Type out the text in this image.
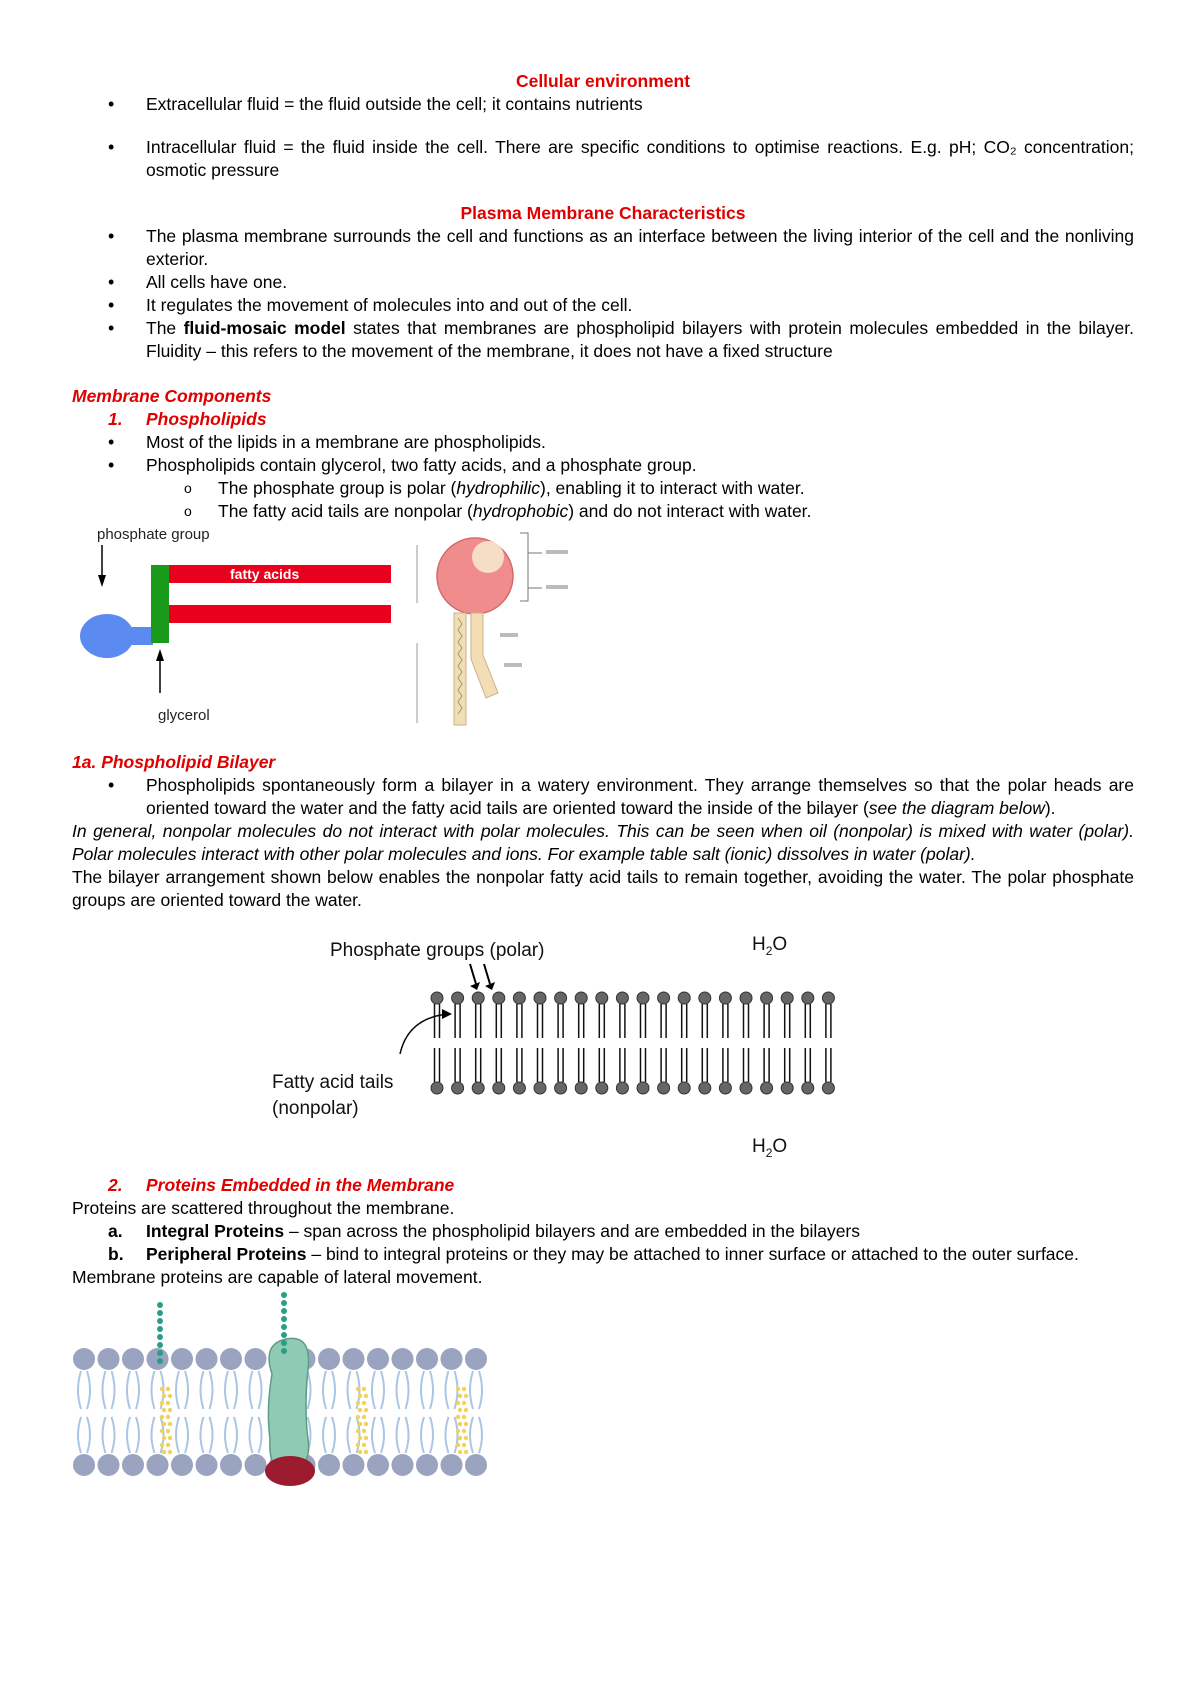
Cellular environment

• Extracellular fluid = the fluid outside the cell; it contains nutrients
• Intracellular fluid = the fluid inside the cell. There are specific conditions to optimise reactions. E.g. pH; CO₂ concentration; osmotic pressure

Plasma Membrane Characteristics

• The plasma membrane surrounds the cell and functions as an interface between the living interior of the cell and the nonliving exterior.
• All cells have one.
• It regulates the movement of molecules into and out of the cell.
• The fluid-mosaic model states that membranes are phospholipid bilayers with protein molecules embedded in the bilayer. Fluidity – this refers to the movement of the membrane, it does not have a fixed structure

Membrane Components

1. Phospholipids
• Most of the lipids in a membrane are phospholipids.
• Phospholipids contain glycerol, two fatty acids, and a phosphate group.
o The phosphate group is polar (hydrophilic), enabling it to interact with water.
o The fatty acid tails are nonpolar (hydrophobic) and do not interact with water.
phosphate group
fatty acids
glycerol

1a. Phospholipid Bilayer

• Phospholipids spontaneously form a bilayer in a watery environment. They arrange themselves so that the polar heads are oriented toward the water and the fatty acid tails are oriented toward the inside of the bilayer (see the diagram below).

In general, nonpolar molecules do not interact with polar molecules. This can be seen when oil (nonpolar) is mixed with water (polar). Polar molecules interact with other polar molecules and ions. For example table salt (ionic) dissolves in water (polar).

The bilayer arrangement shown below enables the nonpolar fatty acid tails to remain together, avoiding the water. The polar phosphate groups are oriented toward the water.

Phosphate groups (polar)	$H_2O$
Fatty acid tails
(nonpolar)
$H_2O$
2. Proteins Embedded in the Membrane

Proteins are scattered throughout the membrane.

a. Integral Proteins – span across the phospholipid bilayers and are embedded in the bilayers
b. Peripheral Proteins – bind to integral proteins or they may be attached to inner surface or attached to the outer surface.

Membrane proteins are capable of lateral movement.
